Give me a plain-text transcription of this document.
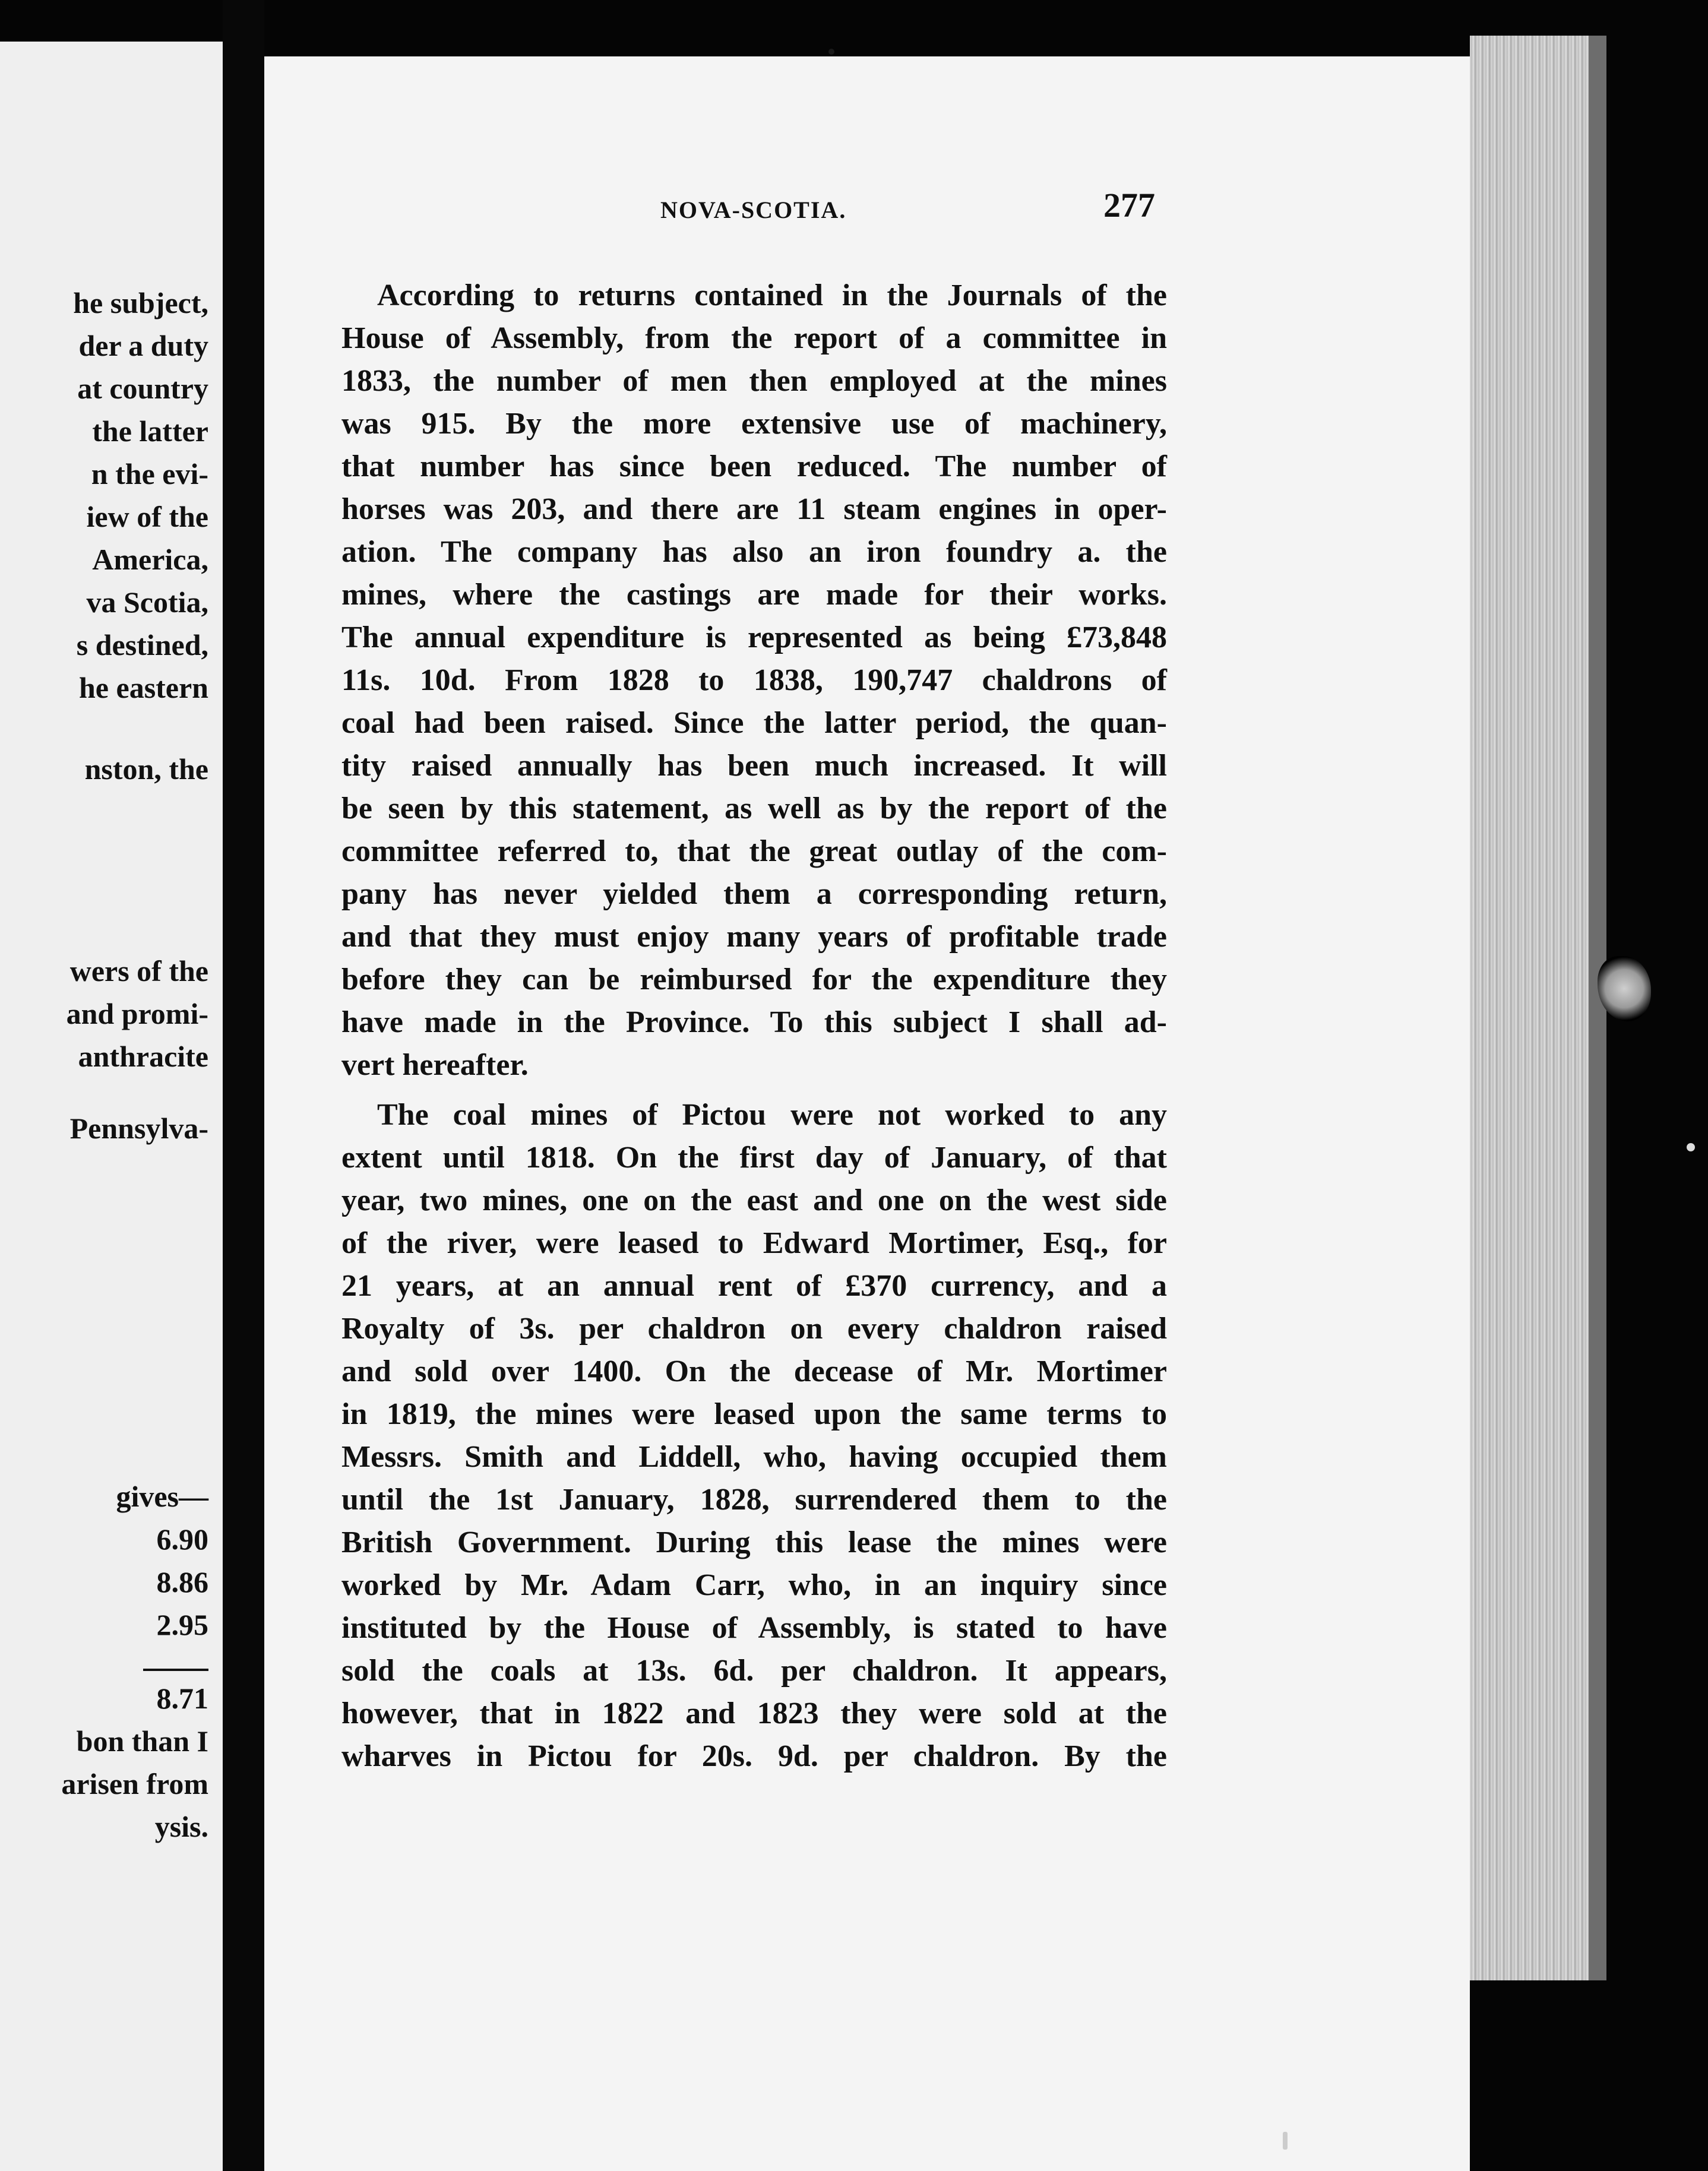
he subject,
der a duty
at country
the latter
n the evi-
iew of the
America,
va Scotia,
s destined,
he eastern
nston, the
wers of the
and promi-
anthracite
Pennsylva-
gives—
6.90
8.86
2.95
8.71
bon than I
arisen from
ysis.
NOVA-SCOTIA.	277
According to returns contained in the Journals of the
House of Assembly, from the report of a committee in
1833, the number of men then employed at the mines
was 915. By the more extensive use of machinery,
that number has since been reduced. The number of
horses was 203, and there are 11 steam engines in oper-
ation. The company has also an iron foundry a. the
mines, where the castings are made for their works.
The annual expenditure is represented as being £73,848
11s. 10d. From 1828 to 1838, 190,747 chaldrons of
coal had been raised. Since the latter period, the quan-
tity raised annually has been much increased. It will
be seen by this statement, as well as by the report of the
committee referred to, that the great outlay of the com-
pany has never yielded them a corresponding return,
and that they must enjoy many years of profitable trade
before they can be reimbursed for the expenditure they
have made in the Province. To this subject I shall ad-
vert hereafter.
The coal mines of Pictou were not worked to any
extent until 1818. On the first day of January, of that
year, two mines, one on the east and one on the west side
of the river, were leased to Edward Mortimer, Esq., for
21 years, at an annual rent of £370 currency, and a
Royalty of 3s. per chaldron on every chaldron raised
and sold over 1400. On the decease of Mr. Mortimer
in 1819, the mines were leased upon the same terms to
Messrs. Smith and Liddell, who, having occupied them
until the 1st January, 1828, surrendered them to the
British Government. During this lease the mines were
worked by Mr. Adam Carr, who, in an inquiry since
instituted by the House of Assembly, is stated to have
sold the coals at 13s. 6d. per chaldron. It appears,
however, that in 1822 and 1823 they were sold at the
wharves in Pictou for 20s. 9d. per chaldron. By the
